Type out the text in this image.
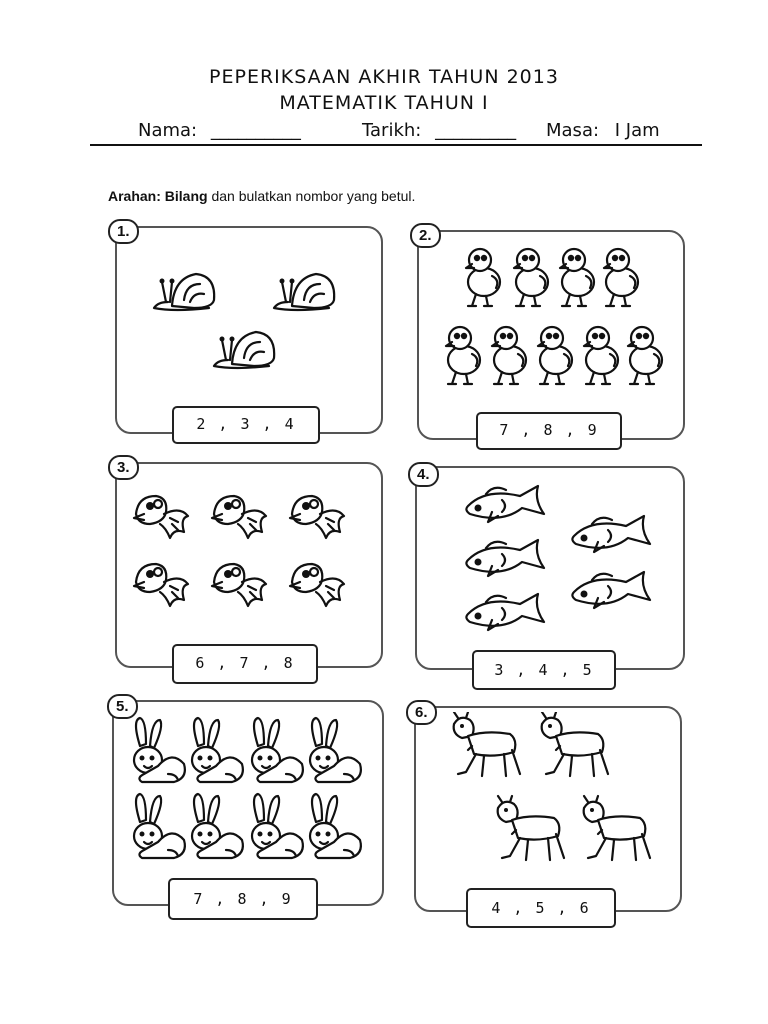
PEPERIKSAAN AKHIR TAHUN 2013
MATEMATIK TAHUN I
Nama: __________	Tarikh: _________ Masa: I Jam
Arahan: Bilang dan bulatkan nombor yang betul.
1.
2 , 3 , 4
2.
7 , 8 , 9
3.
6 , 7 , 8
4.
3 , 4 , 5
5.
7 , 8 , 9
6.
4 , 5 , 6
